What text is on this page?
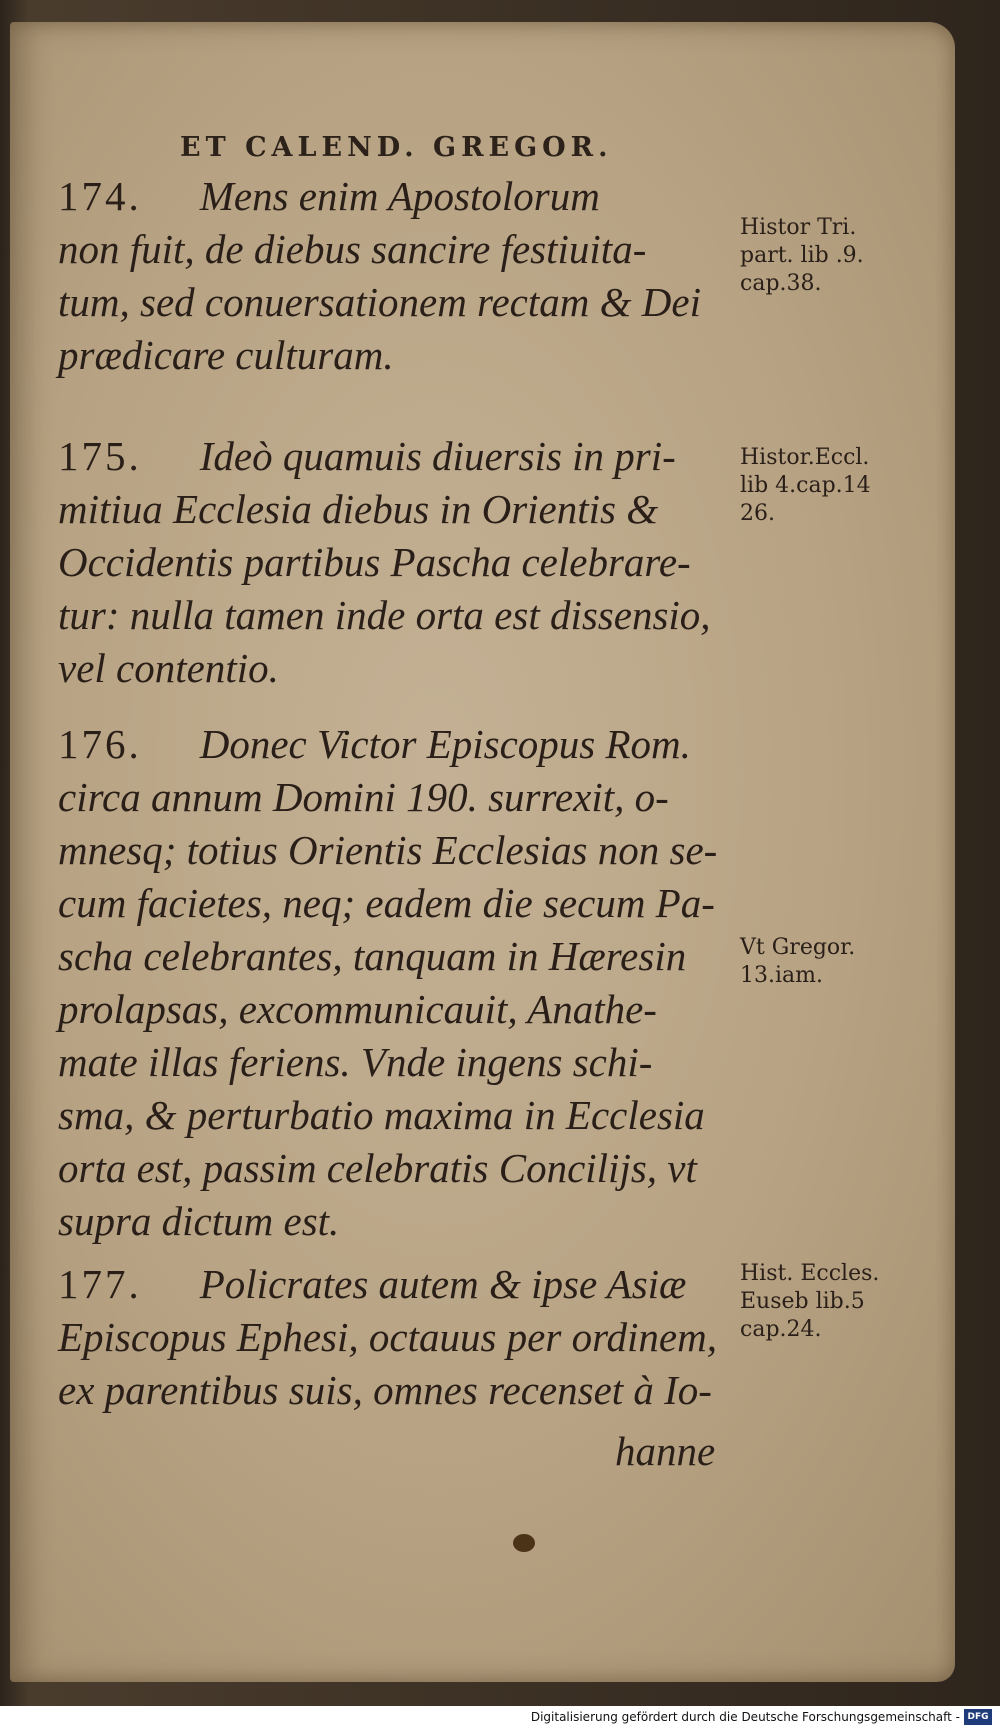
ET CALEND. GREGOR.
174. Mens enim Apostolorum
non fuit, de diebus sancire festiuita-
tum, sed conuersationem rectam & Dei
prædicare culturam.
Histor Tri.
part. lib .9.
cap.38.
175. Ideò quamuis diuersis in pri-
mitiua Ecclesia diebus in Orientis &
Occidentis partibus Pascha celebrare-
tur: nulla tamen inde orta est dissensio,
vel contentio.
Histor.Eccl.
lib 4.cap.14
26.
176. Donec Victor Episcopus Rom.
circa annum Domini 190. surrexit, o-
mnesq; totius Orientis Ecclesias non se-
cum facietes, neq; eadem die secum Pa-
scha celebrantes, tanquam in Hæresin
prolapsas, excommunicauit, Anathe-
mate illas feriens. Vnde ingens schi-
sma, & perturbatio maxima in Ecclesia
orta est, passim celebratis Concilijs, vt
supra dictum est.
Vt Gregor.
13.iam.
177. Policrates autem & ipse Asiæ
Episcopus Ephesi, octauus per ordinem,
ex parentibus suis, omnes recenset à Io-
Hist. Eccles.
Euseb lib.5
cap.24.
hanne
Digitalisierung gefördert durch die Deutsche Forschungsgemeinschaft - DFG
